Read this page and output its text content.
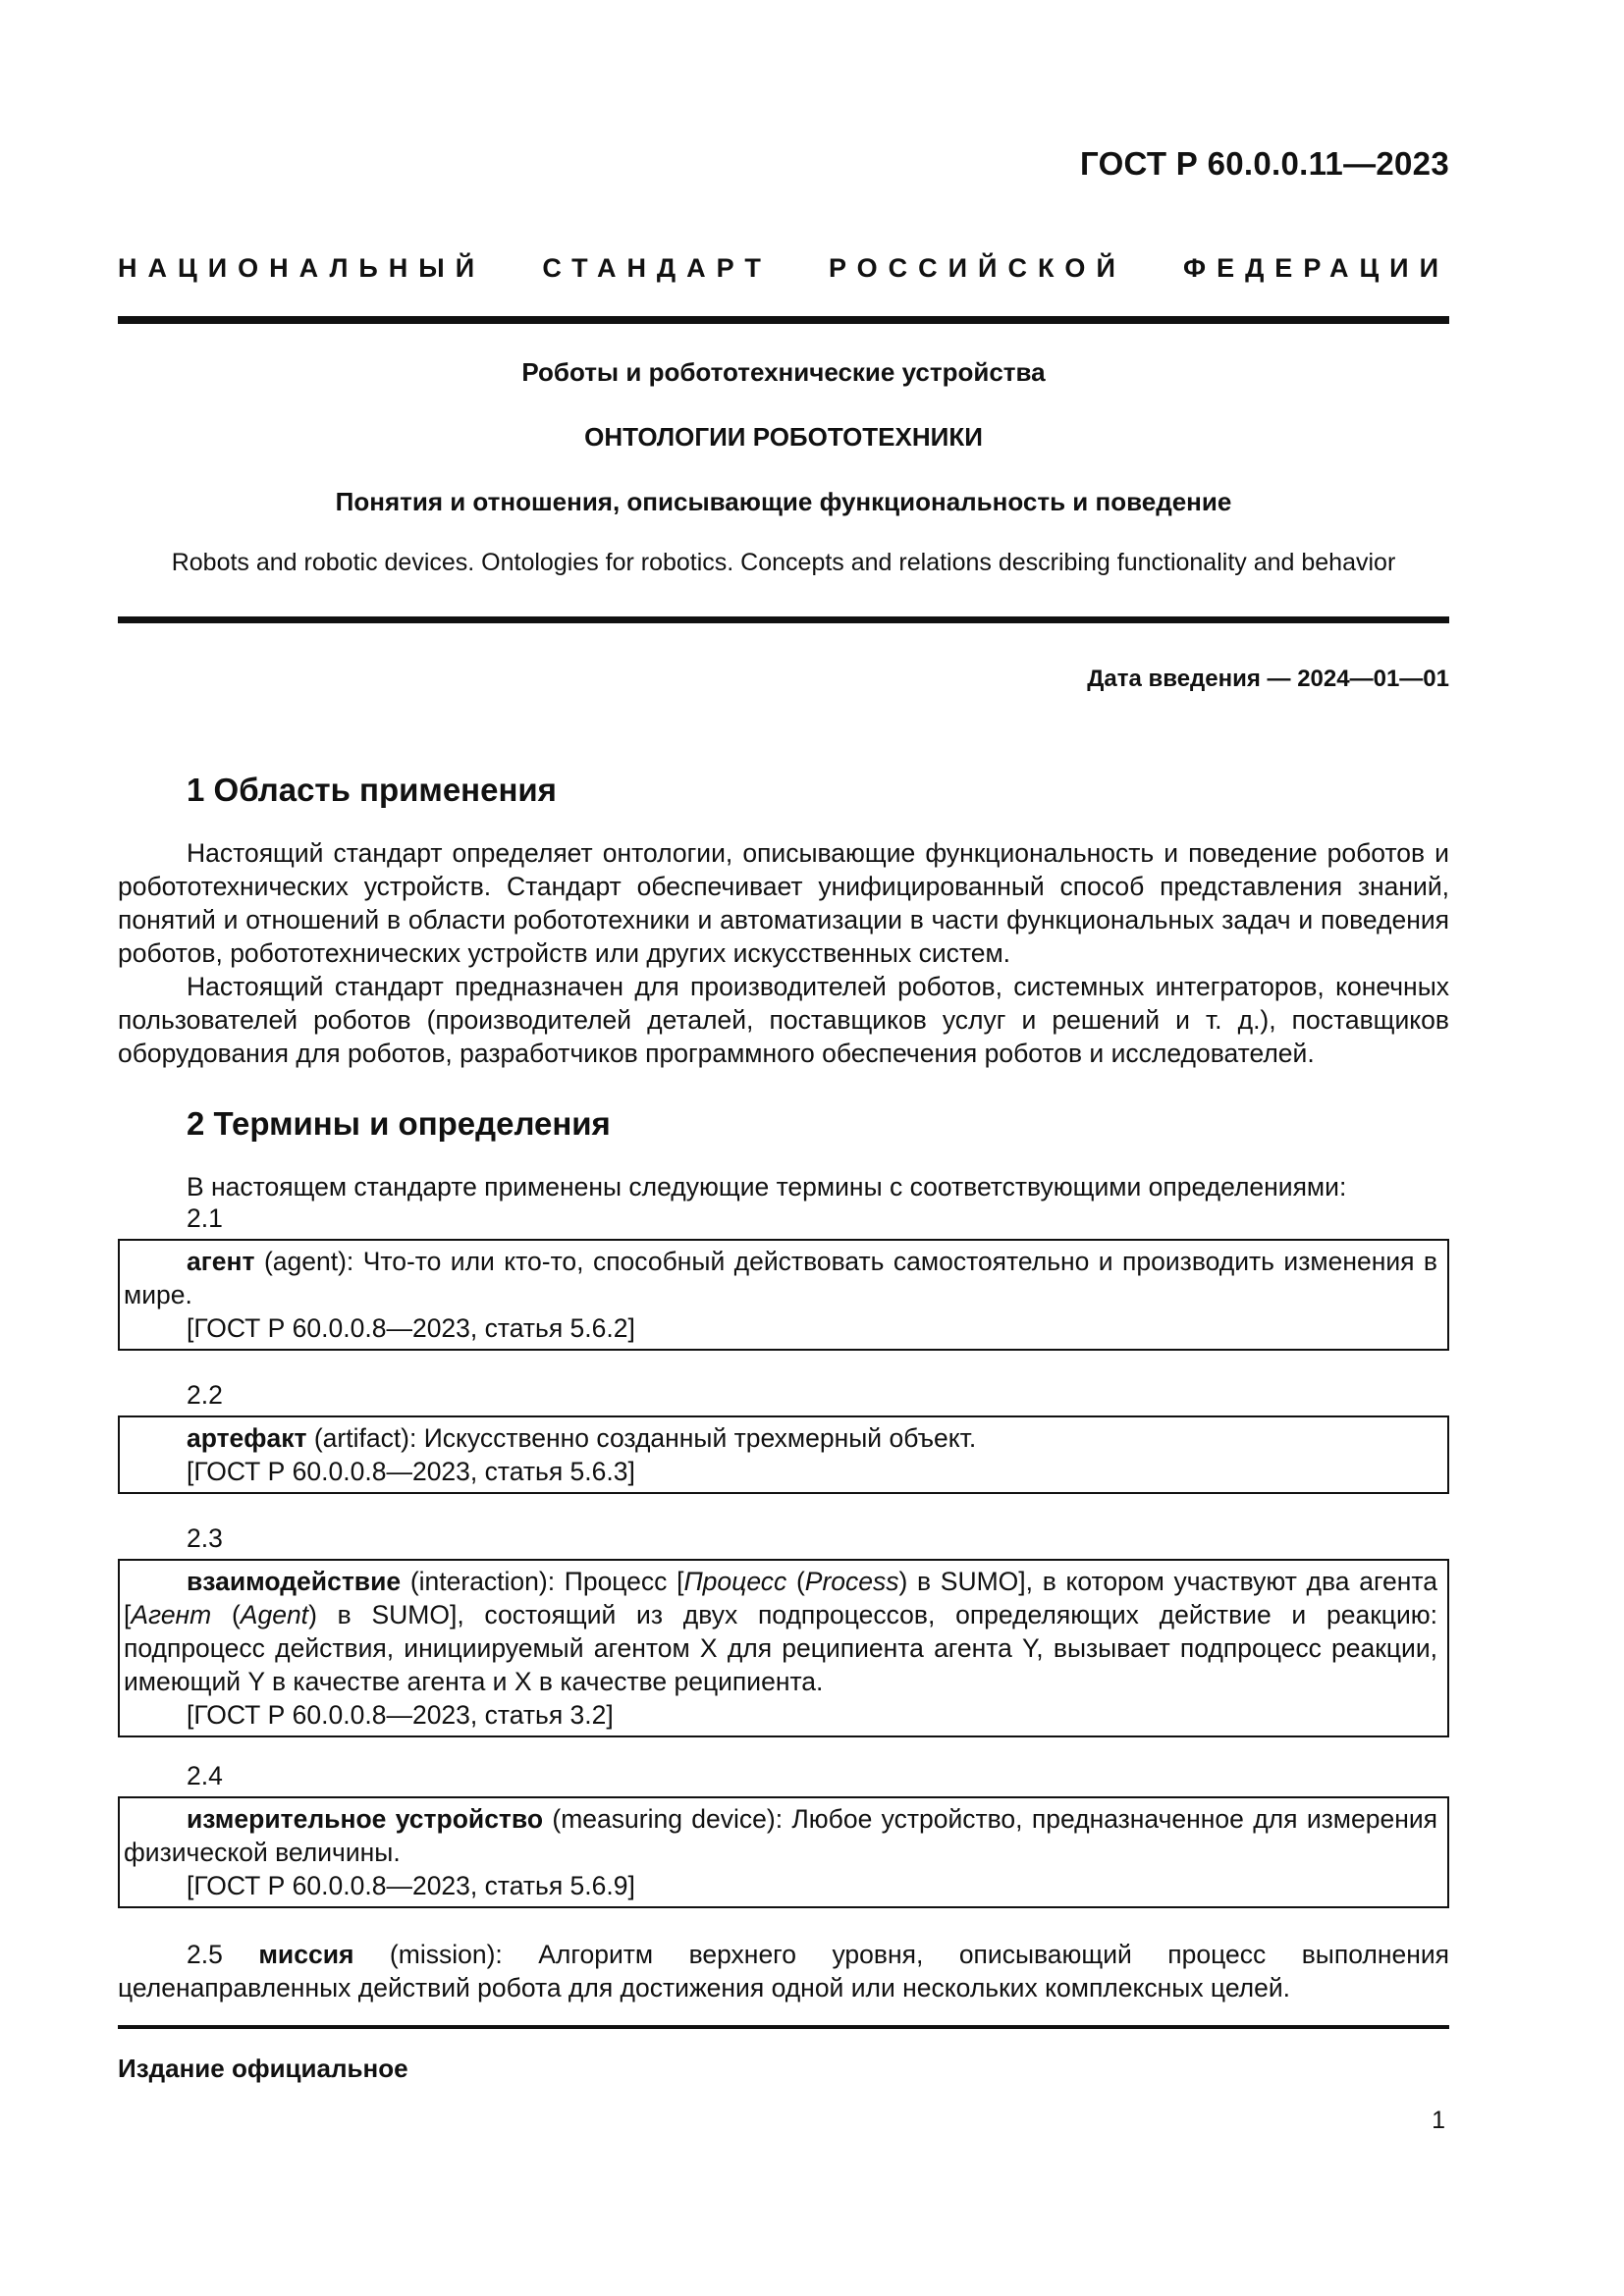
ГОСТ Р 60.0.0.11—2023
НАЦИОНАЛЬНЫЙ СТАНДАРТ РОССИЙСКОЙ ФЕДЕРАЦИИ
Роботы и робототехнические устройства
ОНТОЛОГИИ РОБОТОТЕХНИКИ
Понятия и отношения, описывающие функциональность и поведение
Robots and robotic devices. Ontologies for robotics. Concepts and relations describing functionality and behavior
Дата введения — 2024—01—01
1 Область применения

Настоящий стандарт определяет онтологии, описывающие функциональность и поведение роботов и робототехнических устройств. Стандарт обеспечивает унифицированный способ представления знаний, понятий и отношений в области робототехники и автоматизации в части функциональных задач и поведения роботов, робототехнических устройств или других искусственных систем.

Настоящий стандарт предназначен для производителей роботов, системных интеграторов, конечных пользователей роботов (производителей деталей, поставщиков услуг и решений и т. д.), поставщиков оборудования для роботов, разработчиков программного обеспечения роботов и исследователей.

2 Термины и определения

В настоящем стандарте применены следующие термины с соответствующими определениями:

2.1

агент (agent): Что-то или кто-то, способный действовать самостоятельно и производить изменения в мире.

[ГОСТ Р 60.0.0.8—2023, статья 5.6.2]

2.2

артефакт (artifact): Искусственно созданный трехмерный объект.

[ГОСТ Р 60.0.0.8—2023, статья 5.6.3]

2.3

взаимодействие (interaction): Процесс [Процесс (Process) в SUMO], в котором участвуют два агента [Агент (Agent) в SUMO], состоящий из двух подпроцессов, определяющих действие и реакцию: подпроцесс действия, инициируемый агентом X для реципиента агента Y, вызывает подпроцесс реакции, имеющий Y в качестве агента и X в качестве реципиента.

[ГОСТ Р 60.0.0.8—2023, статья 3.2]

2.4

измерительное устройство (measuring device): Любое устройство, предназначенное для измерения физической величины.

[ГОСТ Р 60.0.0.8—2023, статья 5.6.9]

2.5 миссия (mission): Алгоритм верхнего уровня, описывающий процесс выполнения целенаправленных действий робота для достижения одной или нескольких комплексных целей.

Издание официальное
1
